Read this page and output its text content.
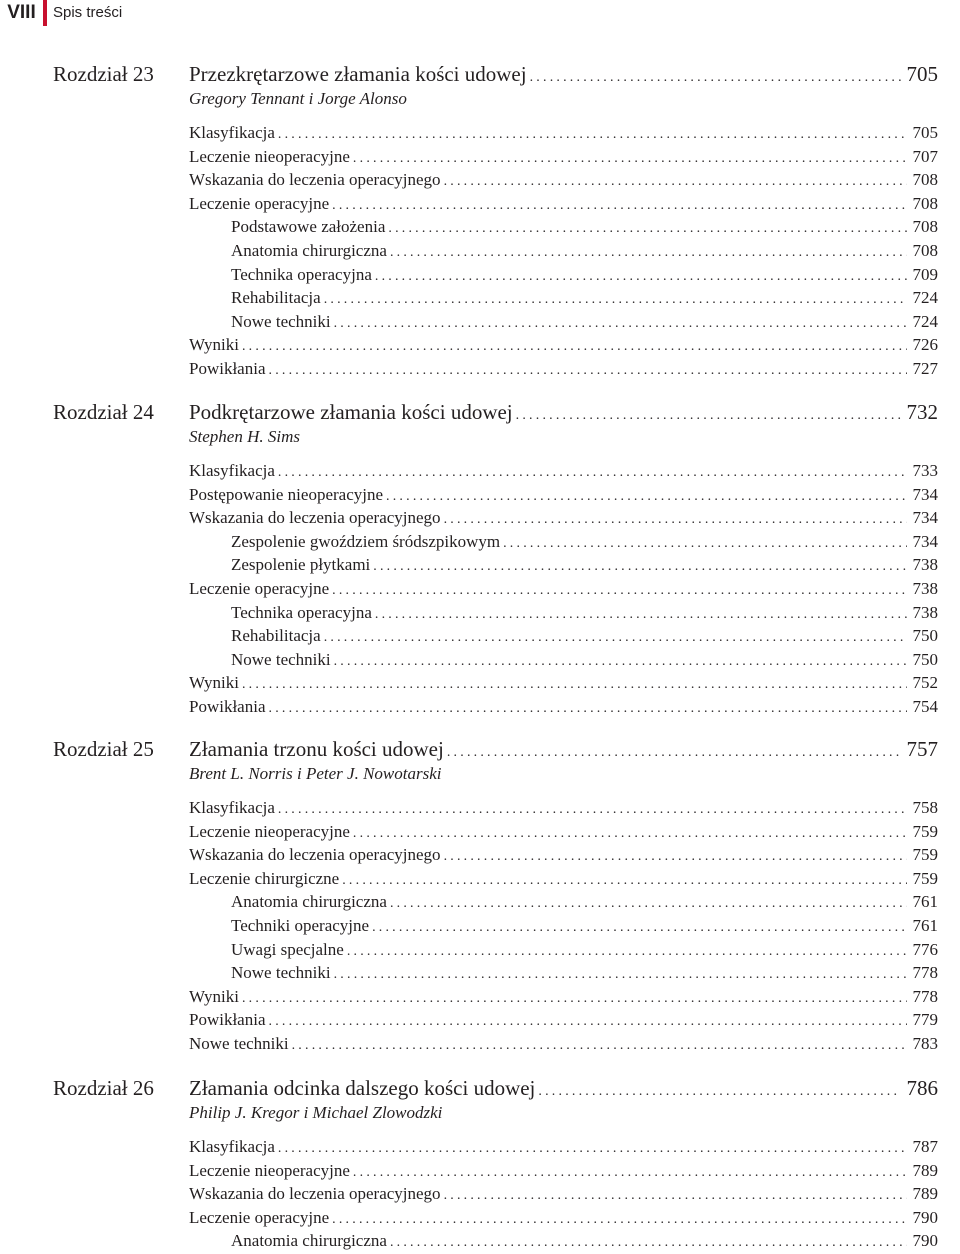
VIII	Spis treści
Rozdział 23 Przezkrętarzowe złamania kości udowej .....	705
Gregory Tennant i Jorge Alonso
Klasyfikacja .....	705
Leczenie nieoperacyjne .....	707
Wskazania do leczenia operacyjnego .....	708
Leczenie operacyjne .....	708
Podstawowe założenia .....	708
Anatomia chirurgiczna .....	708
Technika operacyjna .....	709
Rehabilitacja .....	724
Nowe techniki .....	724
Wyniki .....	726
Powikłania .....	727
Rozdział 24 Podkrętarzowe złamania kości udowej .....	732
Stephen H. Sims
Klasyfikacja .....	733
Postępowanie nieoperacyjne .....	734
Wskazania do leczenia operacyjnego .....	734
Zespolenie gwoździem śródszpikowym .....	734
Zespolenie płytkami .....	738
Leczenie operacyjne .....	738
Technika operacyjna .....	738
Rehabilitacja .....	750
Nowe techniki .....	750
Wyniki .....	752
Powikłania .....	754
Rozdział 25 Złamania trzonu kości udowej .....	757
Brent L. Norris i Peter J. Nowotarski
Klasyfikacja .....	758
Leczenie nieoperacyjne .....	759
Wskazania do leczenia operacyjnego .....	759
Leczenie chirurgiczne .....	759
Anatomia chirurgiczna .....	761
Techniki operacyjne .....	761
Uwagi specjalne .....	776
Nowe techniki .....	778
Wyniki .....	778
Powikłania .....	779
Nowe techniki .....	783
Rozdział 26 Złamania odcinka dalszego kości udowej .....	786
Philip J. Kregor i Michael Zlowodzki
Klasyfikacja .....	787
Leczenie nieoperacyjne .....	789
Wskazania do leczenia operacyjnego .....	789
Leczenie operacyjne .....	790
Anatomia chirurgiczna .....	790
